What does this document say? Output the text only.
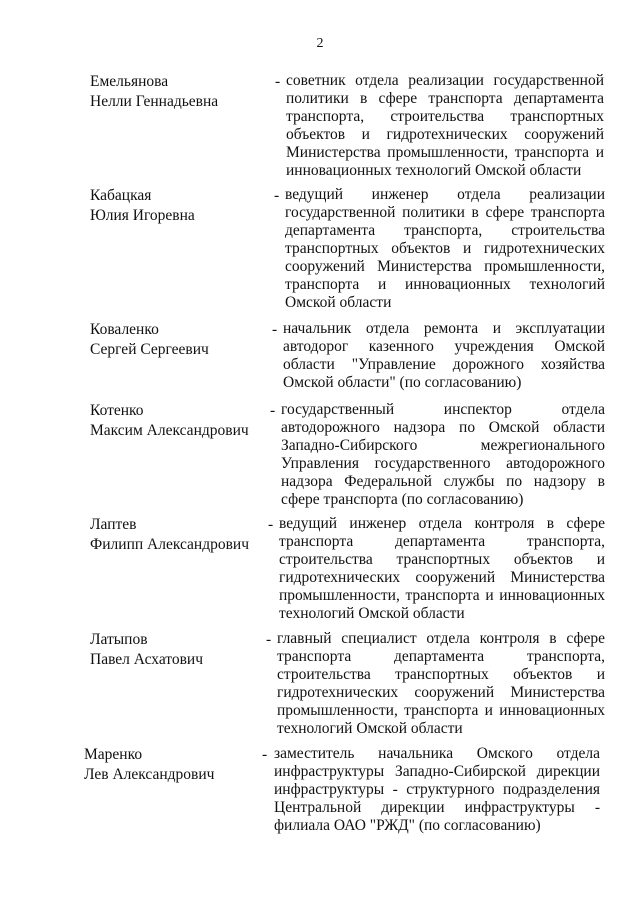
2
Емельянова
Нелли Геннадьевна
- советник отдела реализации государственной политики в сфере транспорта департамента транспорта, строительства транспортных объектов и гидротехнических сооружений Министерства промышленности, транспорта и инновационных технологий Омской области
Кабацкая
Юлия Игоревна
- ведущий инженер отдела реализации государственной политики в сфере транспорта департамента транспорта, строительства транспортных объектов и гидротехнических сооружений Министерства промышленности, транспорта и инновационных технологий Омской области
Коваленко
Сергей Сергеевич
- начальник отдела ремонта и эксплуатации автодорог казенного учреждения Омской области "Управление дорожного хозяйства Омской области" (по согласованию)
Котенко
Максим Александрович
- государственный инспектор отдела автодорожного надзора по Омской области Западно-Сибирского межрегионального Управления государственного автодорожного надзора Федеральной службы по надзору в сфере транспорта (по согласованию)
Лаптев
Филипп Александрович
- ведущий инженер отдела контроля в сфере транспорта департамента транспорта, строительства транспортных объектов и гидротехнических сооружений Министерства промышленности, транспорта и инновационных технологий Омской области
Латыпов
Павел Асхатович
- главный специалист отдела контроля в сфере транспорта департамента транспорта, строительства транспортных объектов и гидротехнических сооружений Министерства промышленности, транспорта и инновационных технологий Омской области
Маренко
Лев Александрович
- заместитель начальника Омского отдела инфраструктуры Западно-Сибирской дирекции инфраструктуры - структурного подразделения Центральной дирекции инфраструктуры - филиала ОАО "РЖД" (по согласованию)
